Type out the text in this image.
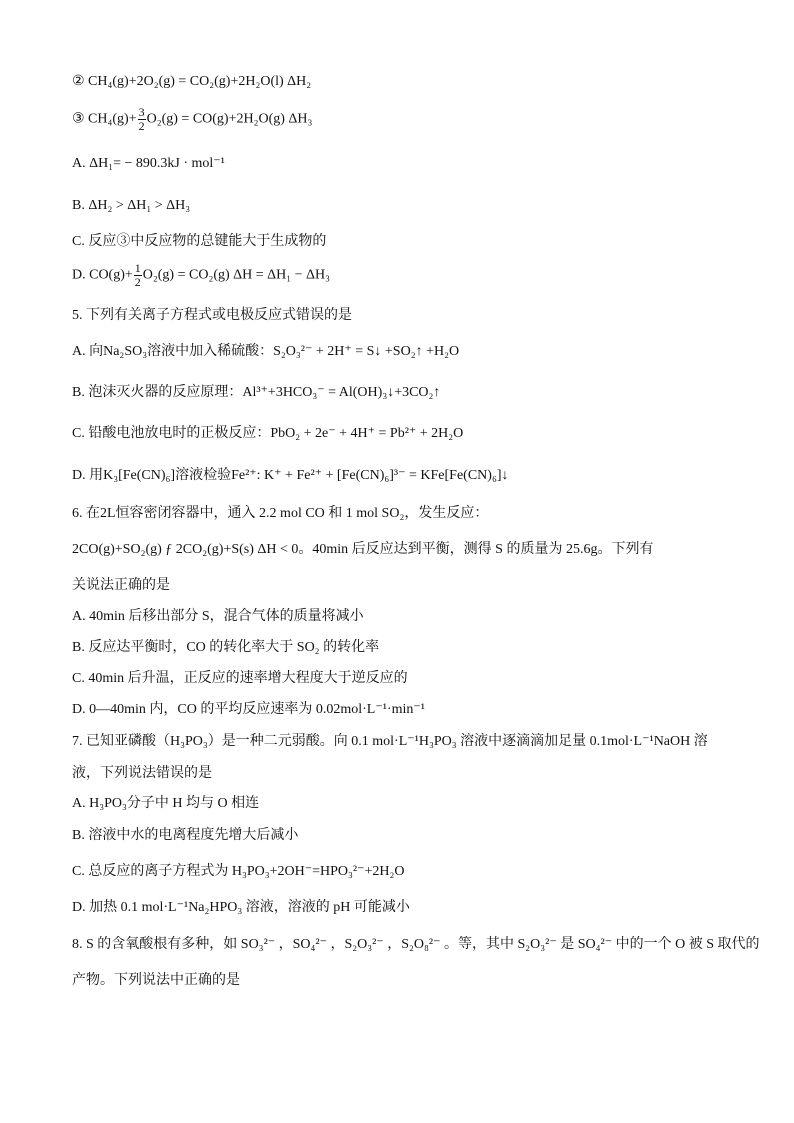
② CH₄(g)+2O₂(g) = CO₂(g)+2H₂O(l) ΔH₂
③ $CH_4(g)+ \frac{3}{2} O_2(g) = CO(g)+2H_2O(g)$ ΔH₃
A. ΔH₁= − 890.3kJ · mol⁻¹
B. ΔH₂ > ΔH₁ > ΔH₃
C. 反应③中反应物的总键能大于生成物的
D. $CO(g)+ \frac{1}{2} O_2(g) = CO_2(g) \Delta H = \Delta H_1 - \Delta H_3$
5. 下列有关离子方程式或电极反应式错误的是
A. 向Na₂SO₃溶液中加入稀硫酸：S₂O₃²⁻ + 2H⁺ = S↓ +SO₂↑ +H₂O
B. 泡沫灭火器的反应原理：Al³⁺+3HCO₃⁻ = Al(OH)₃↓+3CO₂↑
C. 铅酸电池放电时的正极反应：PbO₂ + 2e⁻ + 4H⁺ = Pb²⁺ + 2H₂O
D. 用K₃[Fe(CN)₆]溶液检验Fe²⁺: K⁺ + Fe²⁺ + [Fe(CN)₆]³⁻ = KFe[Fe(CN)₆]↓
6. 在2L恒容密闭容器中，通入 2.2 mol CO 和 1 mol SO₂，发生反应：
2CO(g)+SO₂(g) ƒ 2CO₂(g)+S(s) ΔH < 0。40min 后反应达到平衡，测得 S 的质量为 25.6g。下列有
关说法正确的是
A. 40min 后移出部分 S，混合气体的质量将减小
B. 反应达平衡时，CO 的转化率大于 SO₂ 的转化率
C. 40min 后升温，正反应的速率增大程度大于逆反应的
D. 0—40min 内，CO 的平均反应速率为 0.02mol·L⁻¹·min⁻¹
7. 已知亚磷酸（H₃PO₃）是一种二元弱酸。向 0.1 mol·L⁻¹H₃PO₃ 溶液中逐滴滴加足量 0.1mol·L⁻¹NaOH 溶
液，下列说法错误的是
A. H₃PO₃分子中 H 均与 O 相连
B. 溶液中水的电离程度先增大后减小
C. 总反应的离子方程式为 H₃PO₃+2OH⁻=HPO₃²⁻+2H₂O
D. 加热 0.1 mol·L⁻¹Na₂HPO₃ 溶液，溶液的 pH 可能减小
8. S 的含氧酸根有多种，如 SO₃²⁻ ，SO₄²⁻ ，S₂O₃²⁻ ，S₂O₈²⁻ 。等，其中 S₂O₃²⁻ 是 SO₄²⁻ 中的一个 O 被 S 取代的
产物。下列说法中正确的是
